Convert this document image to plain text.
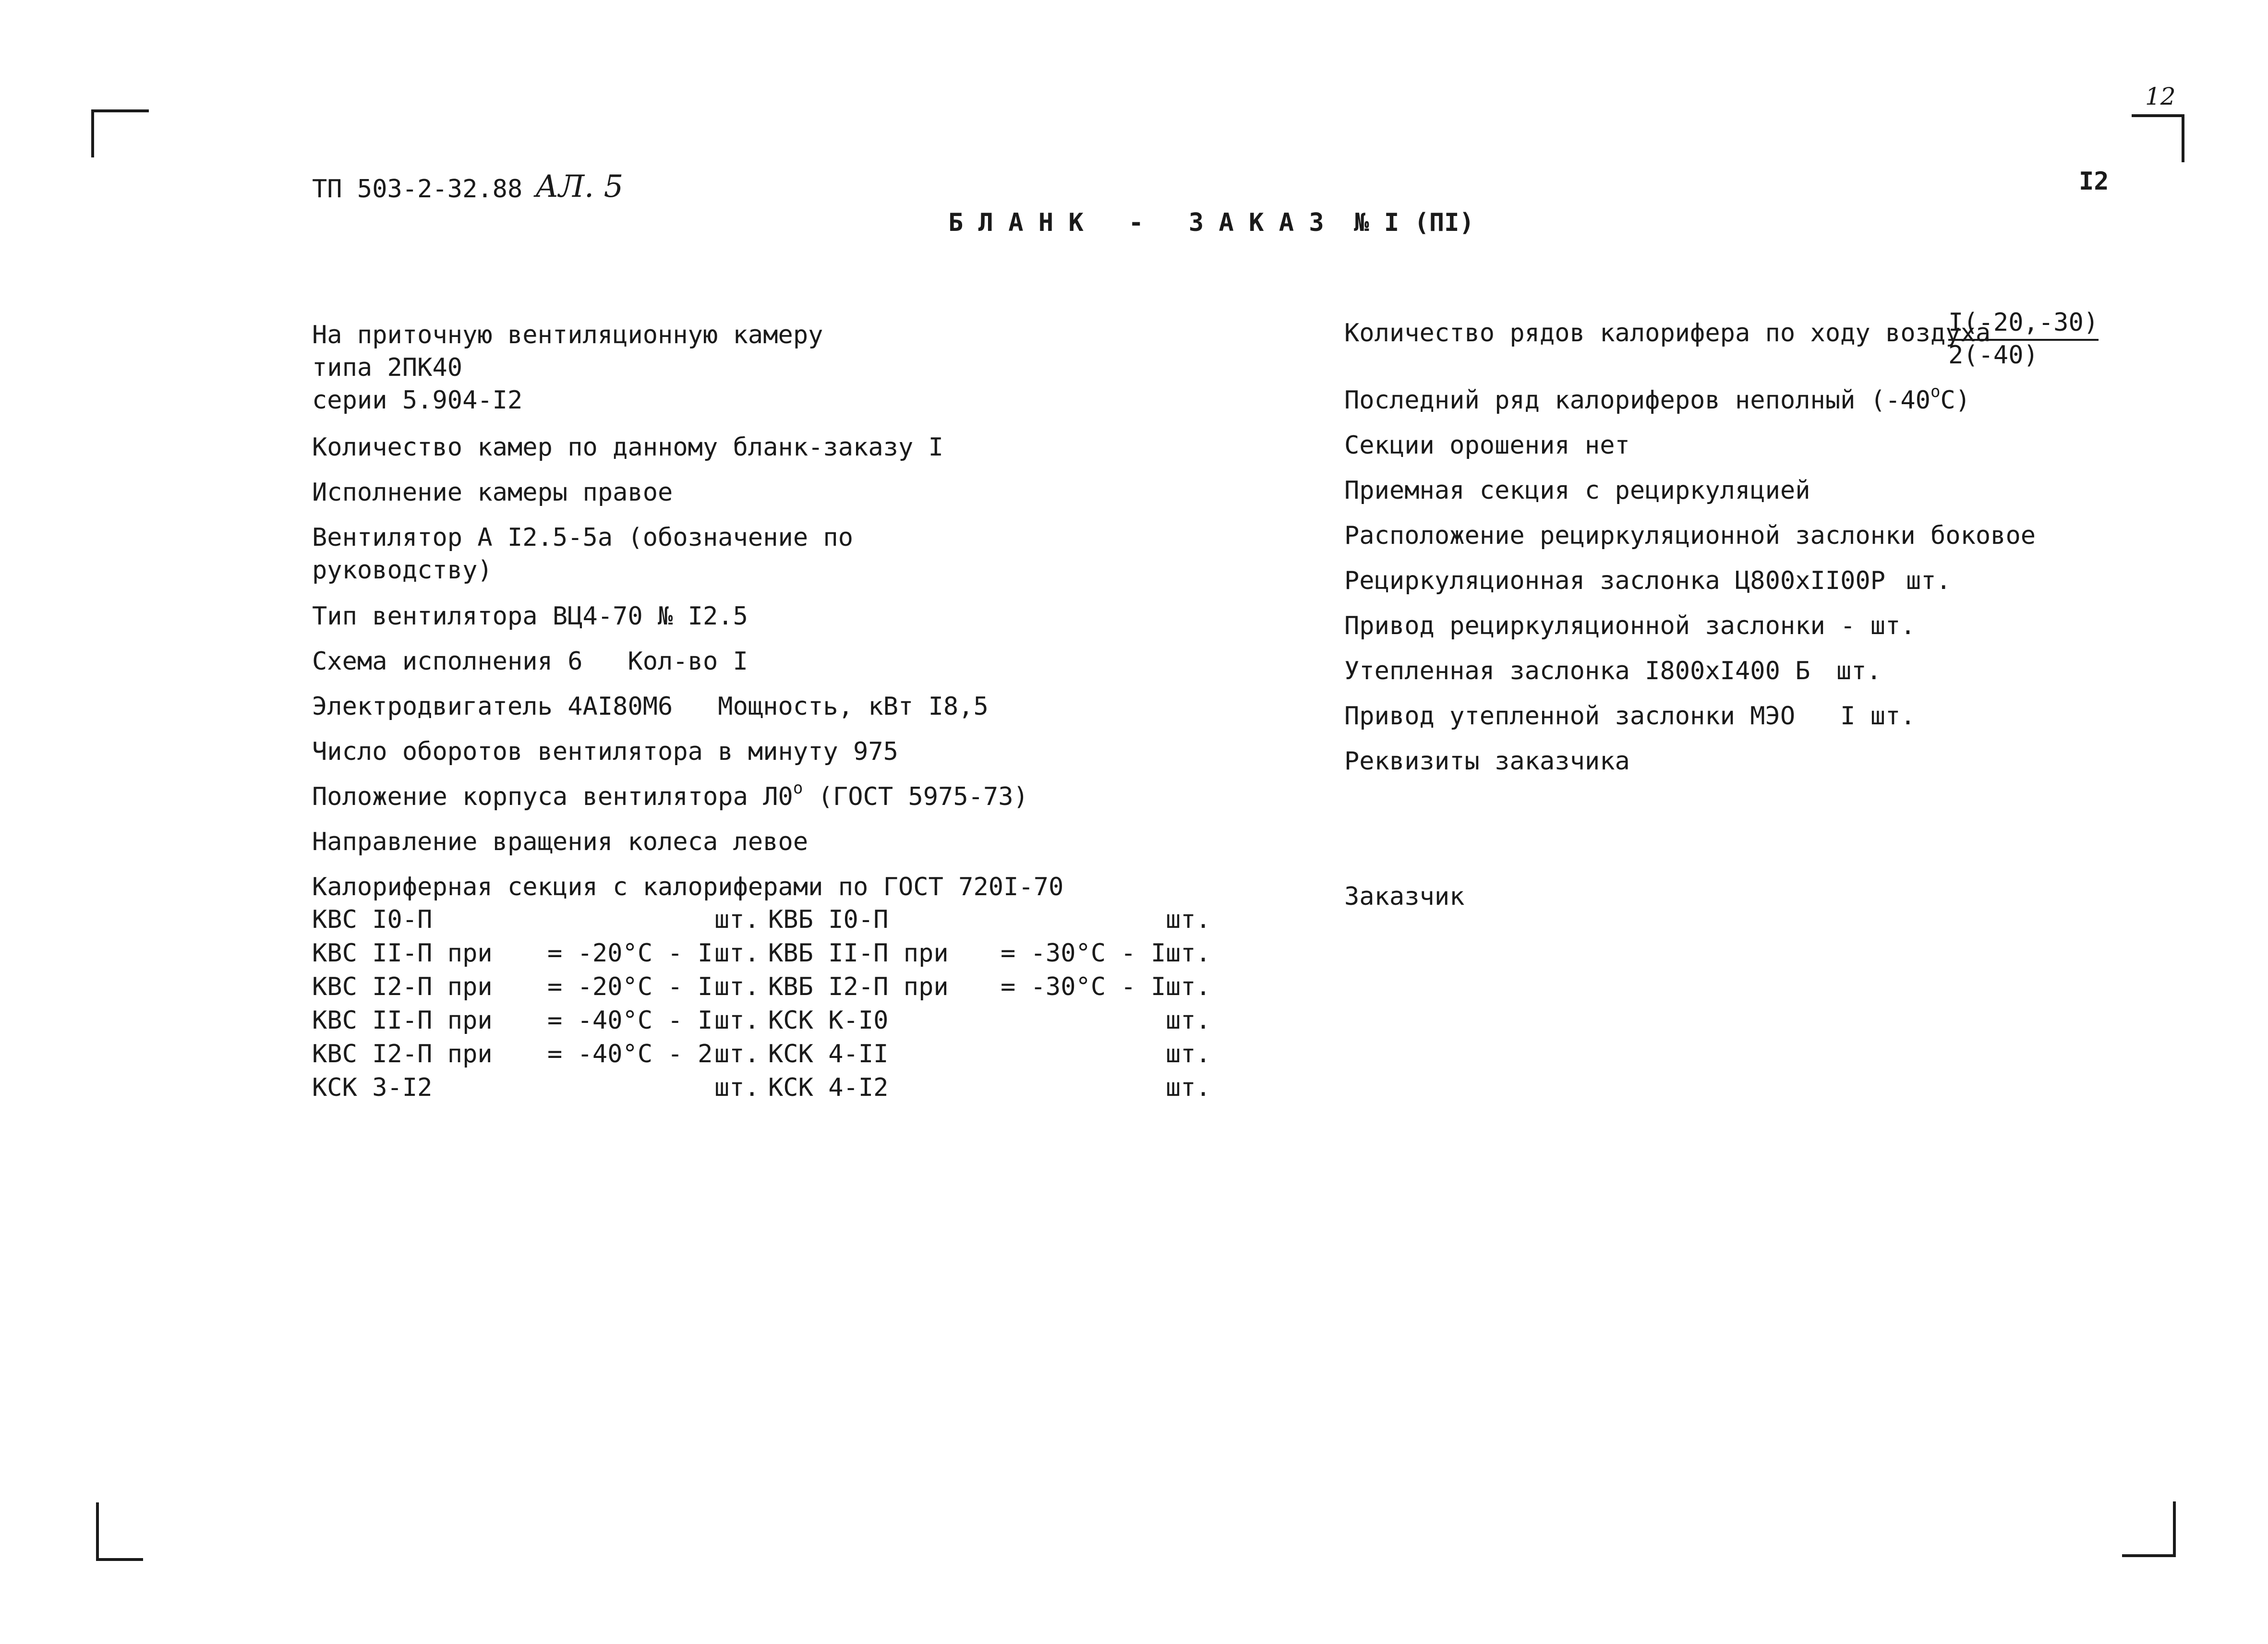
ТП 503-2-32.88 АЛ. 5
Б Л А Н К   -   З А К А З  № I (ПI)
12
I2
На приточную вентиляционную камеру
типа 2ПК40
серии 5.904-I2
Количество камер по данному бланк-заказу I
Исполнение камеры правое
Вентилятор А I2.5-5а (обозначение по
руководству)
Тип вентилятора ВЦ4-70 № I2.5
Схема исполнения 6   Кол-во I
Электродвигатель 4АI80М6   Мощность, кВт I8,5
Число оборотов вентилятора в минуту 975
Положение корпуса вентилятора Л0$^o$ (ГОСТ 5975-73)
Направление вращения колеса левое
Калориферная секция с калориферами по ГОСТ 720I-70
КВС I0-П	шт. КВБ I0-П	шт.
КВС II-П при = -20°C - I шт. КВБ II-П при = -30°C - I шт.
КВС I2-П при = -20°C - I шт. КВБ I2-П при = -30°C - I шт.
КВС II-П при = -40°C - I шт. КСК К-I0	шт.
КВС I2-П при = -40°C - 2 шт. КСК 4-II	шт.
КСК 3-I2	шт. КСК 4-I2	шт.
Количество рядов калорифера по ходу воздуха
I(-20,-30)
2(-40)
Последний ряд калориферов неполный (-40$^o$C)
Секции орошения нет
Приемная секция с рециркуляцией
Расположение рециркуляционной заслонки боковое
Рециркуляционная заслонка Ц800хII00Р шт.
Привод рециркуляционной заслонки - шт.
Утепленная заслонка I800хI400 Б шт.
Привод утепленной заслонки МЭО   I шт.
Реквизиты заказчика
Заказчик
